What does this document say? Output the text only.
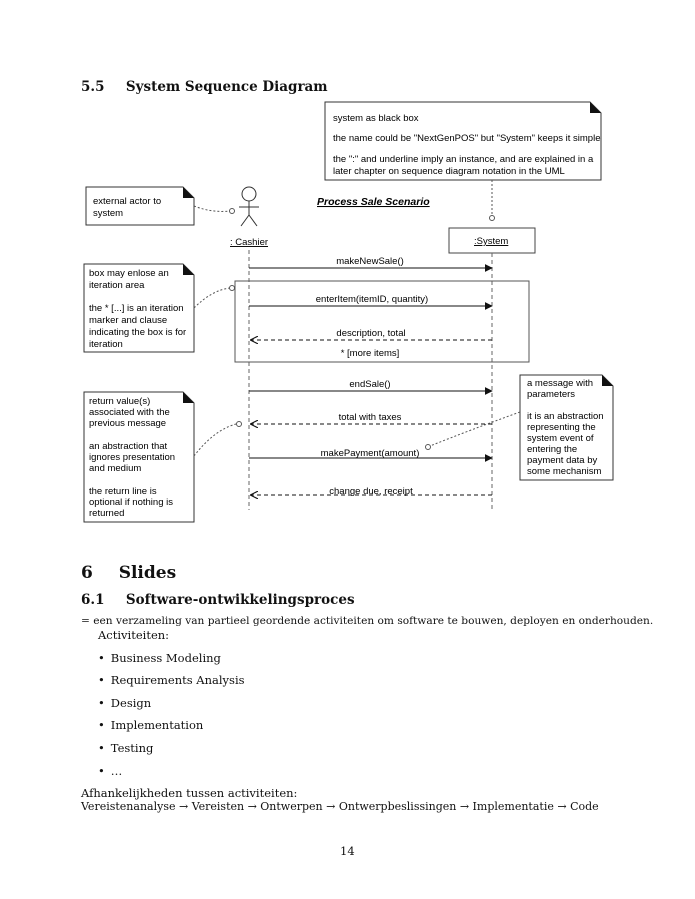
5.5 System Sequence Diagram
system as black box
the name could be "NextGenPOS" but "System" keeps it simple
the ":" and underline imply an instance, and are explained in a
later chapter on sequence diagram notation in the UML
external actor to
system
Process Sale Scenario
: Cashier	:System
makeNewSale()
enterItem(itemID, quantity)
description, total
* [more items]
endSale()
total with taxes
makePayment(amount)
change due, receipt
box may enlose an
iteration area
the * [...] is an iteration
marker and clause
indicating the box is for
iteration
return value(s)
associated with the
previous message
an abstraction that
ignores presentation
and medium
the return line is
optional if nothing is
returned
a message with
parameters
it is an abstraction
representing the
system event of
entering the
payment data by
some mechanism
6 Slides
6.1 Software-ontwikkelingsproces
= een verzameling van partieel geordende activiteiten om software te bouwen, deployen en onderhouden.
Activiteiten:
• Business Modeling
• Requirements Analysis
• Design
• Implementation
• Testing
• …
Afhankelijkheden tussen activiteiten:
Vereistenanalyse → Vereisten → Ontwerpen → Ontwerpbeslissingen → Implementatie → Code
14
